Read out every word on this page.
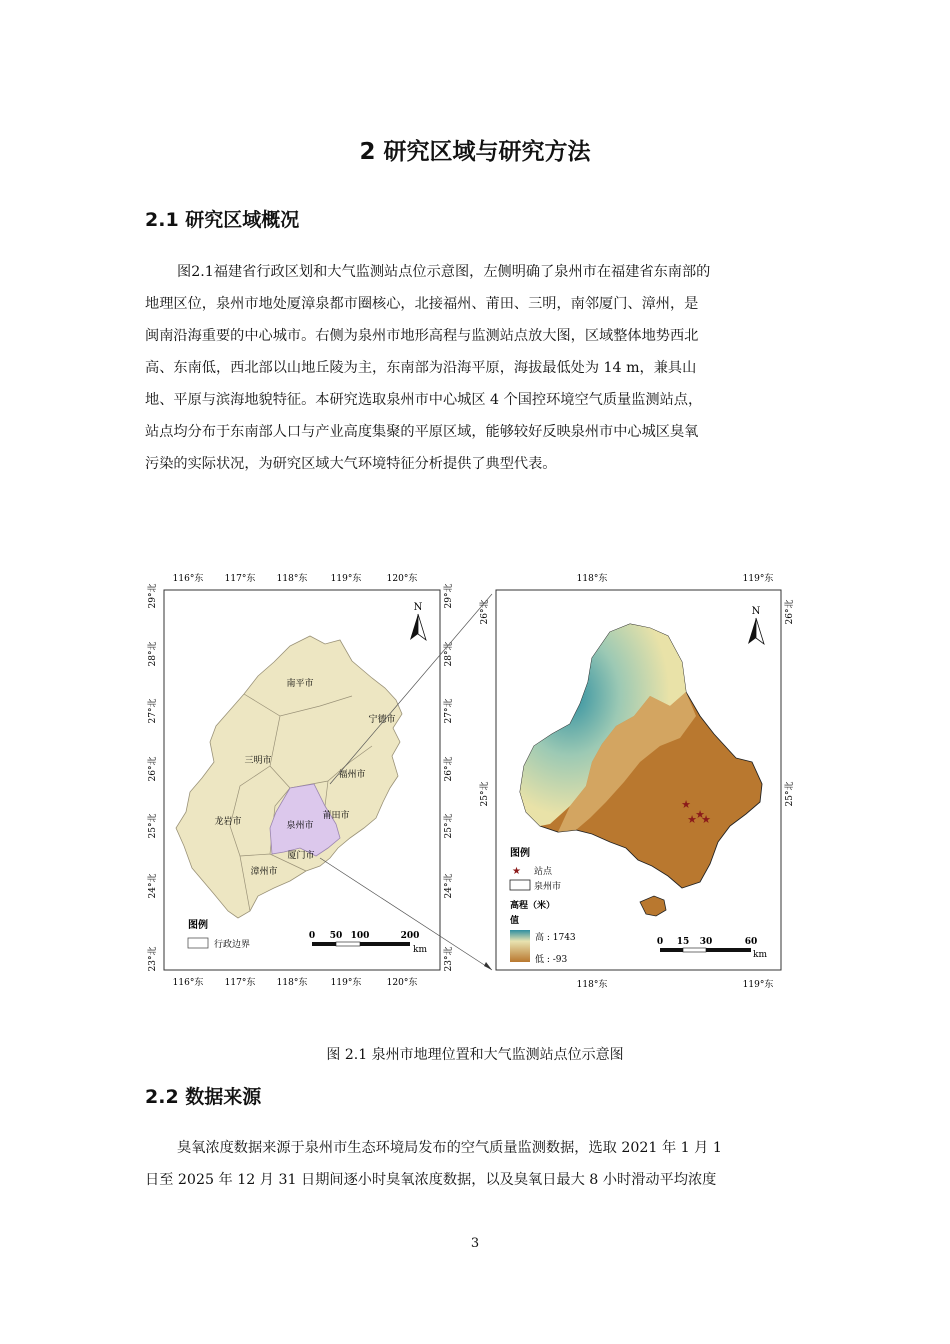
2 研究区域与研究方法
2.1 研究区域概况
图2.1福建省行政区划和大气监测站点位示意图，左侧明确了泉州市在福建省东南部的
地理区位，泉州市地处厦漳泉都市圈核心，北接福州、莆田、三明，南邻厦门、漳州，是
闽南沿海重要的中心城市。右侧为泉州市地形高程与监测站点放大图，区域整体地势西北
高、东南低，西北部以山地丘陵为主，东南部为沿海平原，海拔最低处为 14 m，兼具山
地、平原与滨海地貌特征。本研究选取泉州市中心城区 4 个国控环境空气质量监测站点，
站点均分布于东南部人口与产业高度集聚的平原区域，能够较好反映泉州市中心城区臭氧
污染的实际状况，为研究区域大气环境特征分析提供了典型代表。
116°东 117°东 118°东	119°东	120°东
116°东 117°东 118°东	119°东	120°东
29°北
28°北
27°北
26°北
25°北
24°北
23°北
29°北
28°北
27°北
26°北
25°北
24°北
23°北
南平市
宁德市
三明市
福州市
莆田市
龙岩市	泉州市
厦门市
漳州市
N
图例
行政边界
0 50 100	200
km
118°东	119°东
118°东	119°东
26°北
25°北
26°北
25°北
★
★
★
★
N
图例
★ 站点
泉州市
高程（米）
值
高 : 1743
低 : -93
0 15 30	60
km
图 2.1 泉州市地理位置和大气监测站点位示意图
2.2 数据来源
臭氧浓度数据来源于泉州市生态环境局发布的空气质量监测数据，选取 2021 年 1 月 1
日至 2025 年 12 月 31 日期间逐小时臭氧浓度数据，以及臭氧日最大 8 小时滑动平均浓度
3
